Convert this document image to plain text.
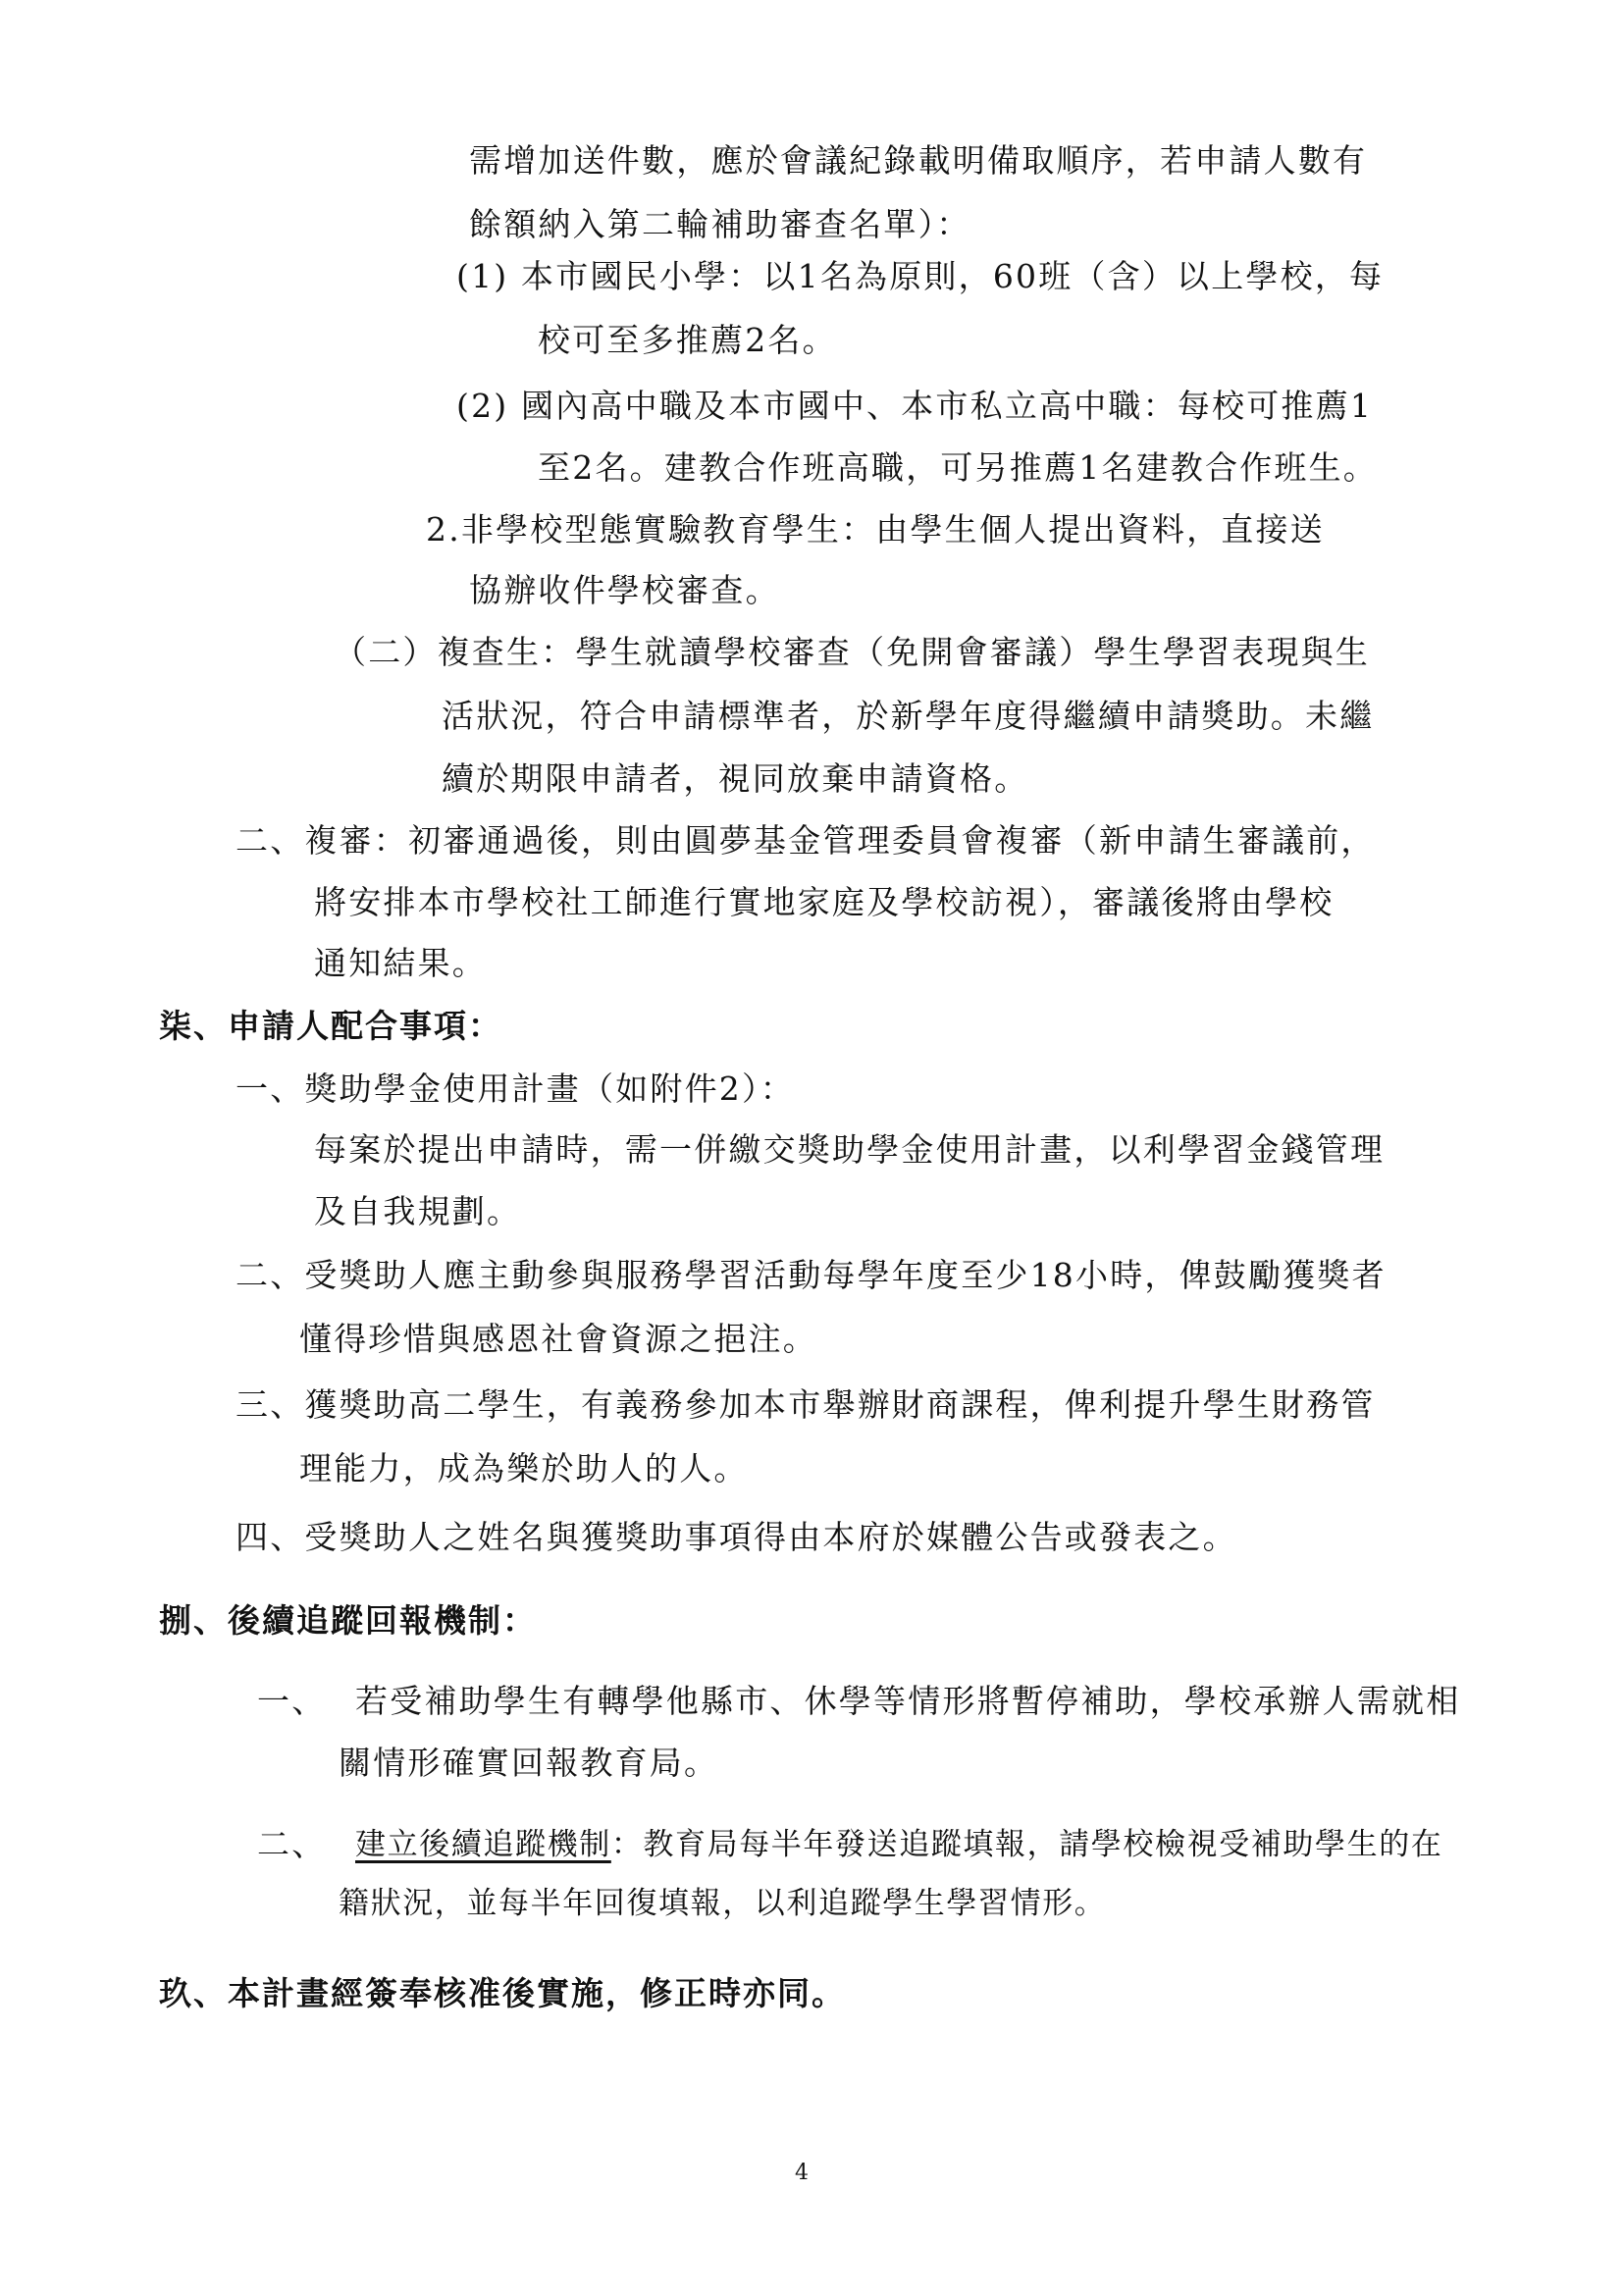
需增加送件數，應於會議紀錄載明備取順序，若申請人數有
餘額納入第二輪補助審查名單）：
(1) 本市國民小學：以1名為原則，60班（含）以上學校，每
校可至多推薦2名。
(2) 國內高中職及本市國中、本市私立高中職：每校可推薦1
至2名。建教合作班高職，可另推薦1名建教合作班生。
2.非學校型態實驗教育學生：由學生個人提出資料，直接送
協辦收件學校審查。
（二）複查生：學生就讀學校審查（免開會審議）學生學習表現與生
活狀況，符合申請標準者，於新學年度得繼續申請獎助。未繼
續於期限申請者，視同放棄申請資格。
二、複審：初審通過後，則由圓夢基金管理委員會複審（新申請生審議前，
將安排本市學校社工師進行實地家庭及學校訪視），審議後將由學校
通知結果。
柒、申請人配合事項：
一、獎助學金使用計畫（如附件2）：
每案於提出申請時，需一併繳交獎助學金使用計畫，以利學習金錢管理
及自我規劃。
二、受獎助人應主動參與服務學習活動每學年度至少18小時，俾鼓勵獲獎者
懂得珍惜與感恩社會資源之挹注。
三、獲獎助高二學生，有義務參加本市舉辦財商課程，俾利提升學生財務管
理能力，成為樂於助人的人。
四、受獎助人之姓名與獲獎助事項得由本府於媒體公告或發表之。
捌、後續追蹤回報機制：
一、 若受補助學生有轉學他縣市、休學等情形將暫停補助，學校承辦人需就相
關情形確實回報教育局。
二、 建立後續追蹤機制：教育局每半年發送追蹤填報，請學校檢視受補助學生的在
籍狀況，並每半年回復填報，以利追蹤學生學習情形。
玖、本計畫經簽奉核准後實施，修正時亦同。
4
